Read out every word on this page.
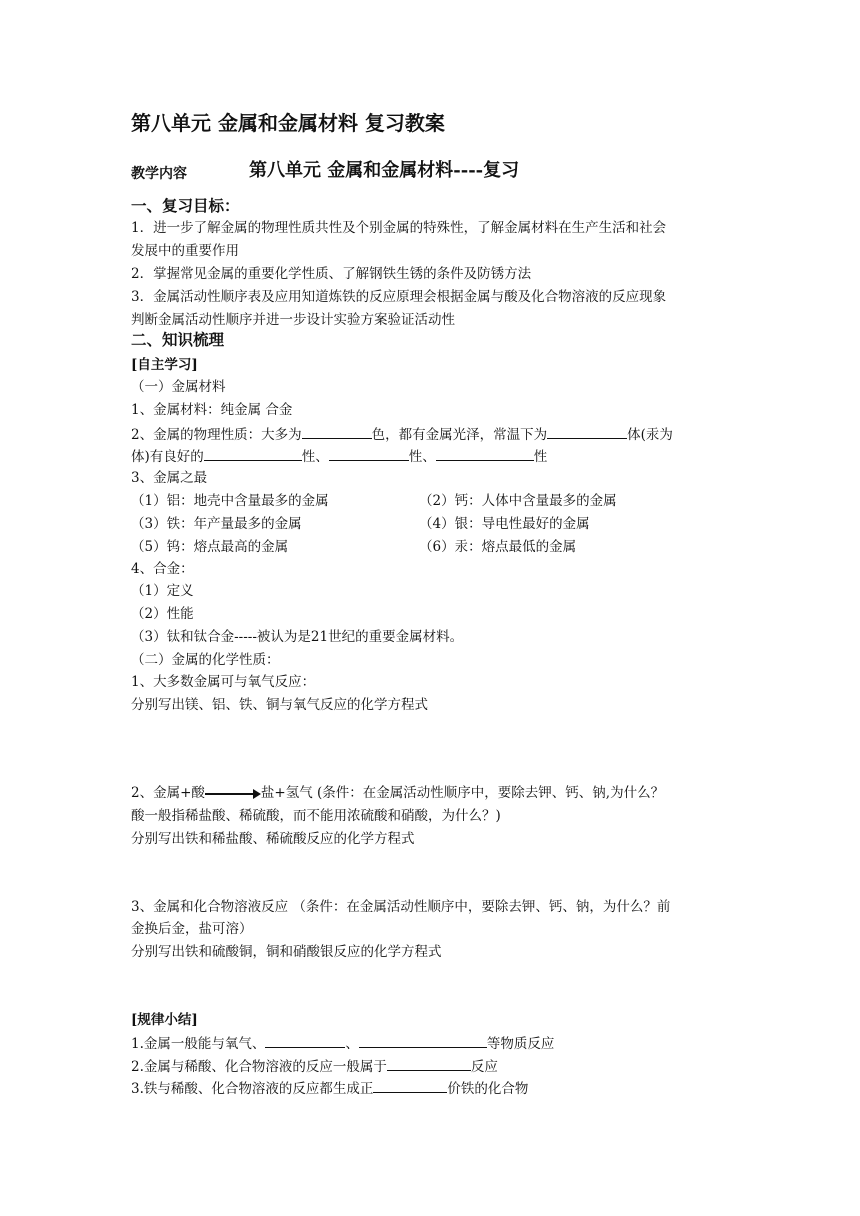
第八单元 金属和金属材料 复习教案
教学内容	第八单元 金属和金属材料----复习
一、复习目标：
1．进一步了解金属的物理性质共性及个别金属的特殊性，了解金属材料在生产生活和社会
发展中的重要作用
2．掌握常见金属的重要化学性质、了解钢铁生锈的条件及防锈方法
3．金属活动性顺序表及应用知道炼铁的反应原理会根据金属与酸及化合物溶液的反应现象
判断金属活动性顺序并进一步设计实验方案验证活动性
二、知识梳理
[自主学习]
（一）金属材料
1、金属材料：纯金属 合金
2、金属的物理性质：大多为	色，都有金属光泽，常温下为	体(汞为
体)有良好的	性、	性、	性
3、金属之最
（1）铝：地壳中含量最多的金属	（2）钙：人体中含量最多的金属
（3）铁：年产量最多的金属	（4）银：导电性最好的金属
（5）钨：熔点最高的金属	（6）汞：熔点最低的金属
4、合金：
（1）定义
（2）性能
（3）钛和钛合金-----被认为是21世纪的重要金属材料。
（二）金属的化学性质：
1、大多数金属可与氧气反应：
分别写出镁、铝、铁、铜与氧气反应的化学方程式
2、金属+酸	盐+氢气 (条件：在金属活动性顺序中，要除去钾、钙、钠,为什么？
酸一般指稀盐酸、稀硫酸，而不能用浓硫酸和硝酸，为什么？)
分别写出铁和稀盐酸、稀硫酸反应的化学方程式
3、金属和化合物溶液反应 （条件：在金属活动性顺序中，要除去钾、钙、钠，为什么？前
金换后金，盐可溶）
分别写出铁和硫酸铜，铜和硝酸银反应的化学方程式
[规律小结]
1.金属一般能与氧气、	、	等物质反应
2.金属与稀酸、化合物溶液的反应一般属于	反应
3.铁与稀酸、化合物溶液的反应都生成正	价铁的化合物
